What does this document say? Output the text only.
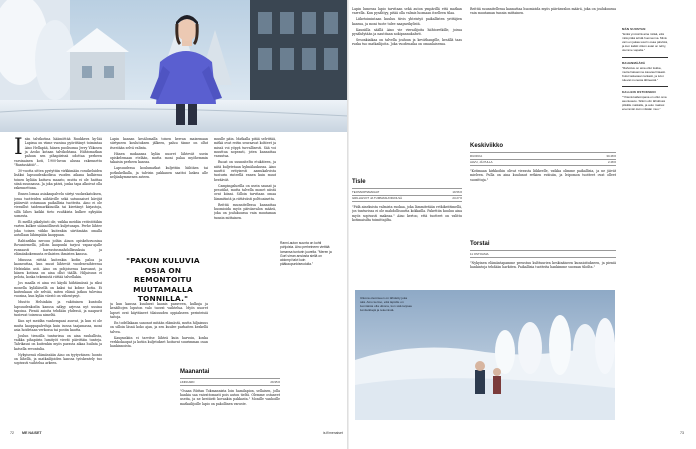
Isän talvikotina häämöttää Ruukkeva ky-lää Lapissa on viime vuosina pyörittänyt toimintaa Aino Hellapää, hänen puolisonsa Jerry Ylikosen ja Aroko kotaan talvikohtana. Hiihtomatkan paluun sen pihapiirissä odottaa perheen varsinainen koti, 1900-luvun alussa rakennettu "Rantasäätiö"...

30-vuotta sitten pystyttiin virkkimään rossikeluiden lisäksi lapsuudenkodissa vuoden aikana kulkiessa toinen kylään kattava maasto, mutta ei ole haittaa siinä suunnassa. Ja joka päivä, jonka tapa alkoivat olla rakennettuna.

Ennen lomaa asiakaspalvelu siirtyi vuokrakatoksen, jossa tuotteiden nähtäville sekä satunnaiset kävijät pääsevät ostamaan paikallisia tuotteita. Aino ei ole vieraillut taidemarkkinoilla tai kiertänyt kirjastoja, sillä lähes kaikki tieto ruuhkista kulkee nykyään somesta.

Ei meillä pikalyönti ole, vaikka meidän reitistötäkin varten kulkee säännöllisesti kuljetusapu. Perhe lähtee joka toinen viikko kuitenkin siirtämään omalla autollaan lähimpään kauppaan.

Rahtarikka nerouu joihin Ainon opiskeluvuosina Rovaniemellä, jolloin kaupunki tarjosi vapaa-ajalle runsaasti harrastusmahdollisuuksia ja elämänkokemusta erilaisten ihmisten kanssa.

Minussa riittää kuitenkin kodin paloa ja kauneuttaa, kun muut lähtevät vuodenvaihteessa Helsinkiin asti. Aino on pohjoisessa kasvanut, ja hänen kotinsa on aina ollut täällä. Hiljaisuus ei pelota, koska tekemistä riittää talvellakin.

Jos maalla ei aina voi käydä hiihtämässä ja siksi monella kyläläisellä on kaksi tai kolme kotia. Ei kuitenkaan ole selvää, miten elämä jatkuu tulevina vuosina, kun kylän väestö on vähentynyt.

Muutto Helsinkiin ja vakituinen kuntoilu lapsuudenkodin kanssa näkyy arjessa nyt uusina tapoina. Pieniä asioita tehdään yhdessä, ja naapurit tuntevat toisensa nimeltä.

Kun nyt meidän vanhempani asuvat, ja kun ei ole muita kauppapalveluja kuin isossa taajamassa, moni asia hoidetaan verkossa tai postin kautta.

Joulun tienoilla tunturissa on aina rauhallista, vaikka pihapiirin lumityöt vievät päivittäin tunteja. Talvikausi on kuitenkin myös parasta aikaa huilata ja katsella revontulia.

Nykyisessä elämässään Aino on tyytyväinen: luonto on lähellä, ja matkailijoiden kanssa työskentely tuo sopivasti vaihtelua arkeen.

Lapin kansan kesälomalla toisen kerran maisemaan siirtyneen koulutuksen jälkeen, paluu tänne on ollut itsestään selvä valinta.

Hänen mukaansa kylän nuoret lähtevät usein opiskelemaan etelään, mutta moni palaa myöhemmin takaisin perheen kanssa.

Lapsuudessa koulumatkat kuljettiin hiihtäen tai potkukelkalla, ja talvisin pakkanen saattoi laskea alle neljänkymmenen asteen.

"PAKUN KULUVIA OSIA ON REMONTOITU MUUTAMALLA TONNILLA."

ja kun kanssa kuuluvat kaunis paraveen, kulkuja ja kesäiltojen loputon valo tuovat vaihtelua. Myös nuoret lapset ovat käyttäneet tilaisuuden oppiakseen perinteisiä taitoja.

En todellakaan sanonut mitään elämästä, mutta hiljaisuus on silloin läsnä koko ajan, ja sen kuulee parhaiten keskellä talvea.

Kaupunkiin ei tarvitse lähteä kuin harvoin, koska verkkokaupat ja kotiin kuljetukset hoitavat suurimman osan hankinnoista.

muulle päin. Matkalla pitää selvittää, mitkä ovat reitin seuraavat kohteet ja missä voi yöpyä turvallisesti. Sää voi muuttua nopeasti, joten kannattaa varautua.

Ruoat on suunniteltu etukäteen, ja niitä kuljetetaan kylmälaukussa. Aino nauttii erityisesti aamukahvista tunturin rinteellä ennen kuin muut heräävät.

Campingalueilla on usein saunat ja pesutilat, mutta talvella monet niistä ovat kiinni. Silloin tarvitaan omaa lämmitintä ja riittävästi polttoainetta.

Reittiä suunnitellessa kannattaa huomioida myös päivänvalon määrä, joka on joulukuussa vain muutaman tunnin mittainen.

72 ME NAISET
Ranni-auton suunta on kohti pohjoista. Aino perheineen viettää lomansa tunturin juurella. "Meren ja Gorf-virran ansiosta siellä on aidompi talvi kuin pääkaupunkiseudulla."

Lapin lumessa lapio tarvitaan sekä auton ympärillä että matkan varrella. Kun pysähtyy, pitää olla valmis luomaan itselleen tilaa.

Liiketoimintaan kuuluu tiivis yhteistyö paikallisten yrittäjien kanssa, ja moni tuote tulee naapurikylistä.

Kauniilla säällä Aino vie vierailijoita hiihtoretkille, joissa pysähdytään ja nautitaan nokipannukahvit.

Sesonkiaikaa on talvella jouluun ja keväthangille, kesällä taas ruska tuo matkailijoita. Joka vuodenaika on omanlaisensa.

Tisle
TEOSNOPSMAVAAT	19.56 €
GRILLIHVOT JA TUMMASUORJOLSÄ	23.27 €

"Pidä aineksista valmista ruokaa, joka lämmitetään retkikeittimellä, jos tunturissa ei ole mahdollisuutta kokkailla. Pakettiin kuuluu aina myös sopivasti makeaa." Aino kertoo, että tuotteet on valittu kotimaisilta toimittajilta.

Maanantai
LINKKARD	29.95 €

"Osaan Rüttan Tokmannista loin hamilapion, sellaisen, jolla hankia saa vaivattomasti pois auton tieltä. Olemme ostaneet useita, ja ne kestävät kovaakin pakkasta." Monille vanhoille matkailijoille lapio on pakollinen varuste.

Reittiä suunnitellessa kannattaa huomioida myös päivänvalon määrä, joka on joulukuussa vain muutaman tunnin mittainen.

Keskiviikko
RUOKKA	30.48 €
AAVU, JÄ PULLA	2.48 €

"Kotimaan kirkkoihin olivat vierasta liikkeelle, vaikka olimme paikallisia, ja ne jäivät mieleen. Pulla on aina kuulunut retkien eväisiin, ja leipomon tuotteet ovat olleet suosittuja."

Torstai
11 OSTOASIA	

"Nykyinen elämäntapamme perustuu kulttuurien keskinäiseen kunnioitukseen, ja pieniä hankintoja tehdään harkiten. Paikallisia tuotteita hankimme suoraan tiloilta."

Ulkona olemiseen on lähdetty joka sää. Aino kertoo, että lapsille on luontaista olla ulkona, kun sää tarjoaa lumileikkejä ja tekemistä.
MÄN SUOSTAN

"Enkä ymmärrä aina mitää, että mitä pitää tehdä huomenna. Minä vain en jakaa suurin osaa päivistä, ja kun kaikki viikon asiat on tehty, olemme vapaita."

RAHANMÄÄRÄ

"Rahoitus on aina ollut tiukka, mutta haluamme kasvaa hitaasti. Kulut lasketaan tarkasti, ja tulot tulevat monesta lähteestä."

KALLEIN OSTOKSENI

"Yhtenä kalleimpana on ollut oma asuntoauto. Silloin olin lähdössä pitkälle matkalle, ja auto maksoi enemmän kuin mikään muu."

is.fi/menaiset	73
